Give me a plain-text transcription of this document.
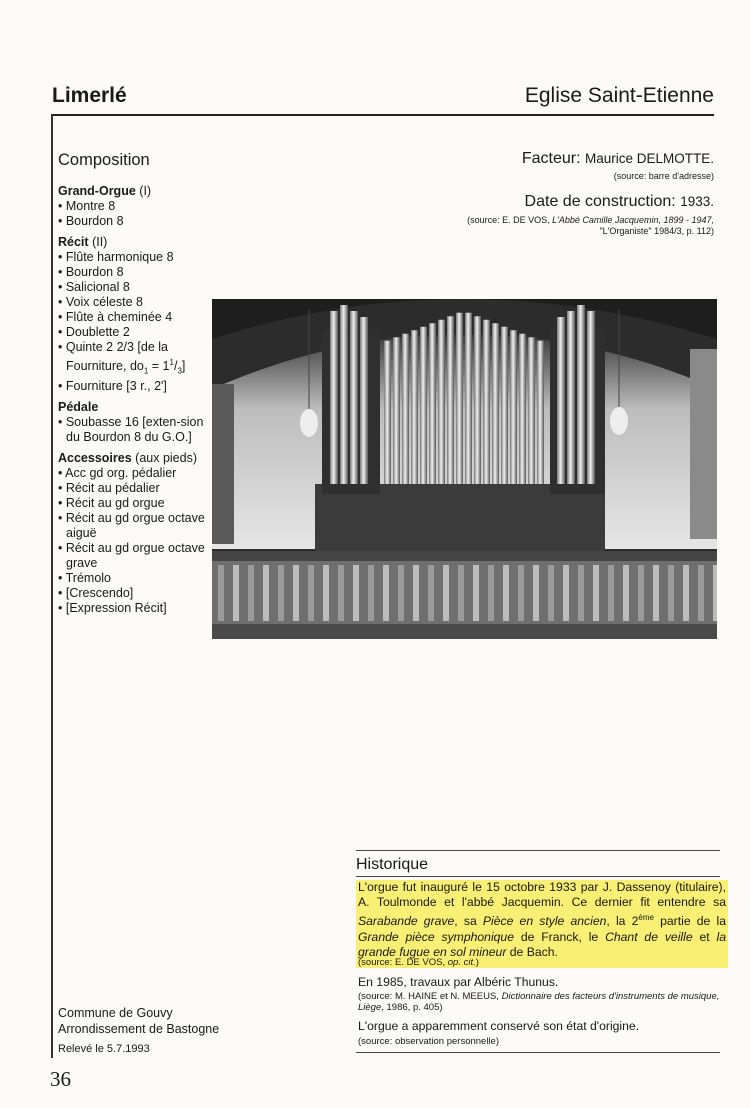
Limerlé	Eglise Saint-Etienne
Composition
Grand-Orgue (I)
• Montre 8
• Bourdon 8
Récit (II)
• Flûte harmonique 8
• Bourdon 8
• Salicional 8
• Voix céleste 8
• Flûte à cheminée 4
• Doublette 2
• Quinte 2 2/3 [de la Fourniture, $do_1 = 1^1/_3$]
• Fourniture [3 r., 2']
Pédale
• Soubasse 16 [exten-sion du Bourdon 8 du G.O.]
Accessoires (aux pieds)
• Acc gd org. pédalier
• Récit au pédalier
• Récit au gd orgue
• Récit au gd orgue octave aiguë
• Récit au gd orgue octave grave
• Trémolo
• [Crescendo]
• [Expression Récit]
Facteur: Maurice DELMOTTE.
(source: barre d'adresse)
Date de construction: 1933.
(source: E. DE VOS, L'Abbé Camille Jacquemin, 1899 - 1947,
"L'Organiste" 1984/3, p. 112)
Historique
L'orgue fut inauguré le 15 octobre 1933 par J. Dassenoy (titulaire), A. Toulmonde et l'abbé Jacquemin. Ce dernier fit entendre sa Sarabande grave, sa Pièce en style ancien, la 2ème partie de la Grande pièce symphonique de Franck, le Chant de veille et la grande fugue en sol mineur de Bach.
(source: E. DE VOS, op. cit.)
En 1985, travaux par Albéric Thunus.
(source: M. HAINE et N. MEEUS, Dictionnaire des facteurs d'instruments de musique, Liège, 1986, p. 405)
L'orgue a apparemment conservé son état d'origine.
(source: observation personnelle)
Commune de Gouvy
Arrondissement de Bastogne
Relevé le 5.7.1993
36
